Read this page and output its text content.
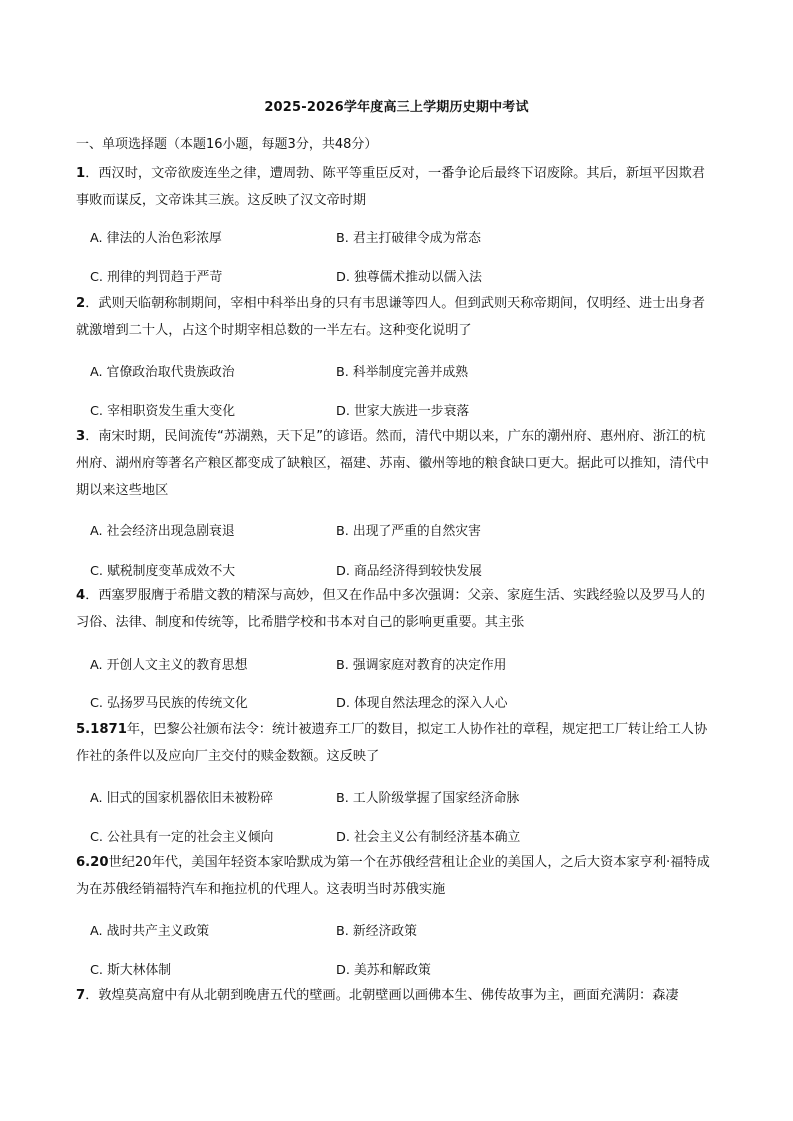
2025-2026学年度高三上学期历史期中考试
一、单项选择题（本题16小题，每题3分，共48分）
1．西汉时，文帝欲废连坐之律，遭周勃、陈平等重臣反对，一番争论后最终下诏废除。其后，新垣平因欺君事败而谋反，文帝诛其三族。这反映了汉文帝时期
A. 律法的人治色彩浓厚	B. 君主打破律令成为常态
C. 刑律的判罚趋于严苛	D. 独尊儒术推动以儒入法
2．武则天临朝称制期间，宰相中科举出身的只有韦思谦等四人。但到武则天称帝期间，仅明经、进士出身者就激增到二十人，占这个时期宰相总数的一半左右。这种变化说明了
A. 官僚政治取代贵族政治	B. 科举制度完善并成熟
C. 宰相职资发生重大变化	D. 世家大族进一步衰落
3．南宋时期，民间流传“苏湖熟，天下足”的谚语。然而，清代中期以来，广东的潮州府、惠州府、浙江的杭州府、湖州府等著名产粮区都变成了缺粮区，福建、苏南、徽州等地的粮食缺口更大。据此可以推知，清代中期以来这些地区
A. 社会经济出现急剧衰退	B. 出现了严重的自然灾害
C. 赋税制度变革成效不大	D. 商品经济得到较快发展
4．西塞罗服膺于希腊文教的精深与高妙，但又在作品中多次强调：父亲、家庭生活、实践经验以及罗马人的习俗、法律、制度和传统等，比希腊学校和书本对自己的影响更重要。其主张
A. 开创人文主义的教育思想	B. 强调家庭对教育的决定作用
C. 弘扬罗马民族的传统文化	D. 体现自然法理念的深入人心
5.1871年，巴黎公社颁布法令：统计被遗弃工厂的数目，拟定工人协作社的章程，规定把工厂转让给工人协作社的条件以及应向厂主交付的赎金数额。这反映了
A. 旧式的国家机器依旧未被粉碎	B. 工人阶级掌握了国家经济命脉
C. 公社具有一定的社会主义倾向	D. 社会主义公有制经济基本确立
6.20世纪20年代，美国年轻资本家哈默成为第一个在苏俄经营租让企业的美国人，之后大资本家亨利·福特成为在苏俄经销福特汽车和拖拉机的代理人。这表明当时苏俄实施
A. 战时共产主义政策	B. 新经济政策
C. 斯大林体制	D. 美苏和解政策
7．敦煌莫高窟中有从北朝到晚唐五代的壁画。北朝壁画以画佛本生、佛传故事为主，画面充满阴：森凄
